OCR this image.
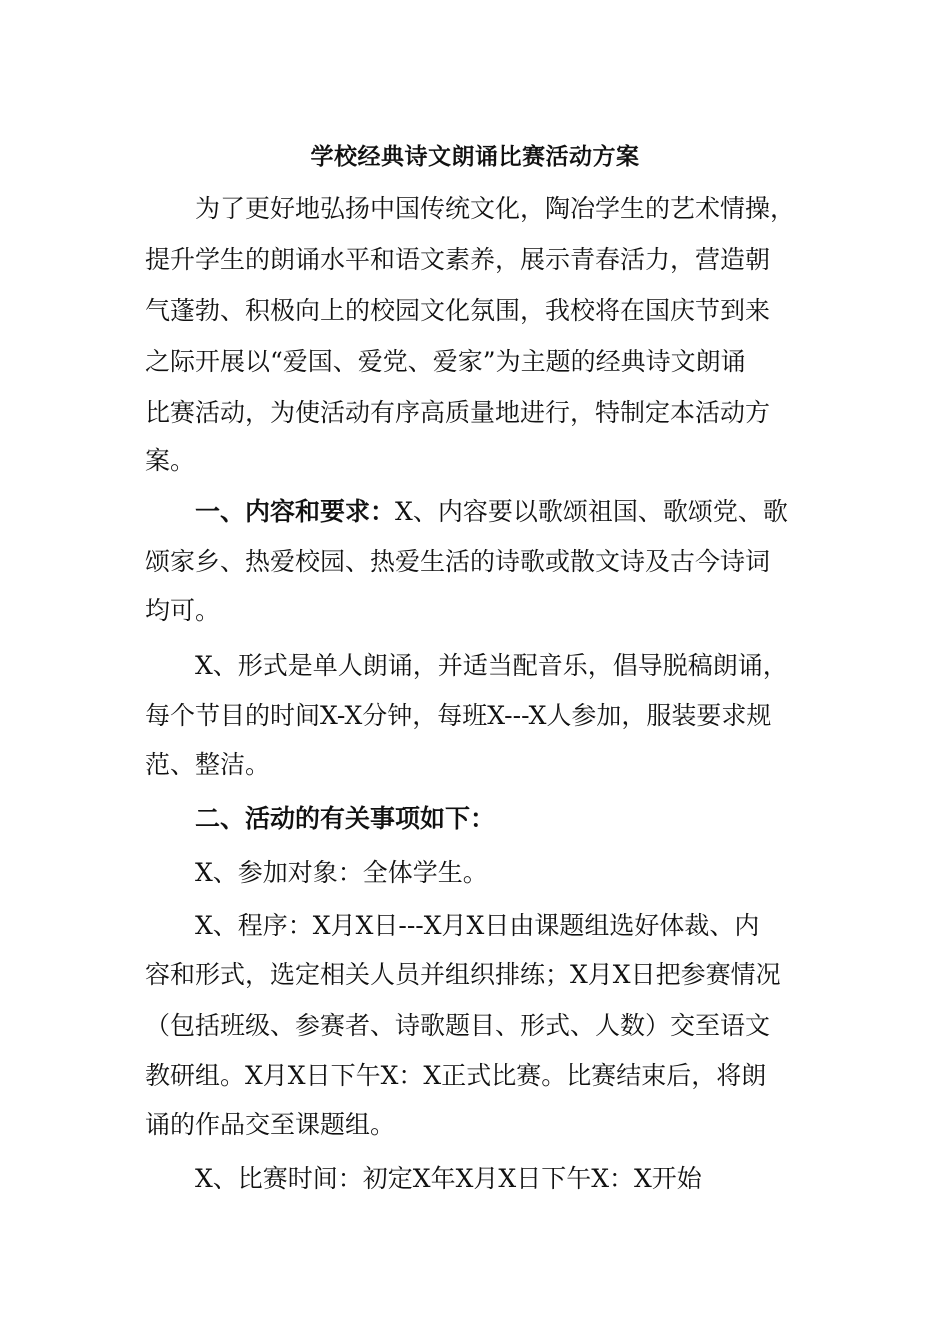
学校经典诗文朗诵比赛活动方案
为了更好地弘扬中国传统文化，陶冶学生的艺术情操，
提升学生的朗诵水平和语文素养，展示青春活力，营造朝
气蓬勃、积极向上的校园文化氛围，我校将在国庆节到来
之际开展以“爱国、爱党、爱家”为主题的经典诗文朗诵
比赛活动，为使活动有序高质量地进行，特制定本活动方
案。
一、内容和要求：X、内容要以歌颂祖国、歌颂党、歌
颂家乡、热爱校园、热爱生活的诗歌或散文诗及古今诗词
均可。
X、形式是单人朗诵，并适当配音乐，倡导脱稿朗诵，
每个节目的时间X-X分钟，每班X---X人参加，服装要求规
范、整洁。
二、活动的有关事项如下：
X、参加对象：全体学生。
X、程序：X月X日---X月X日由课题组选好体裁、内
容和形式，选定相关人员并组织排练；X月X日把参赛情况
（包括班级、参赛者、诗歌题目、形式、人数）交至语文
教研组。X月X日下午X：X正式比赛。比赛结束后，将朗
诵的作品交至课题组。
X、比赛时间：初定X年X月X日下午X：X开始
